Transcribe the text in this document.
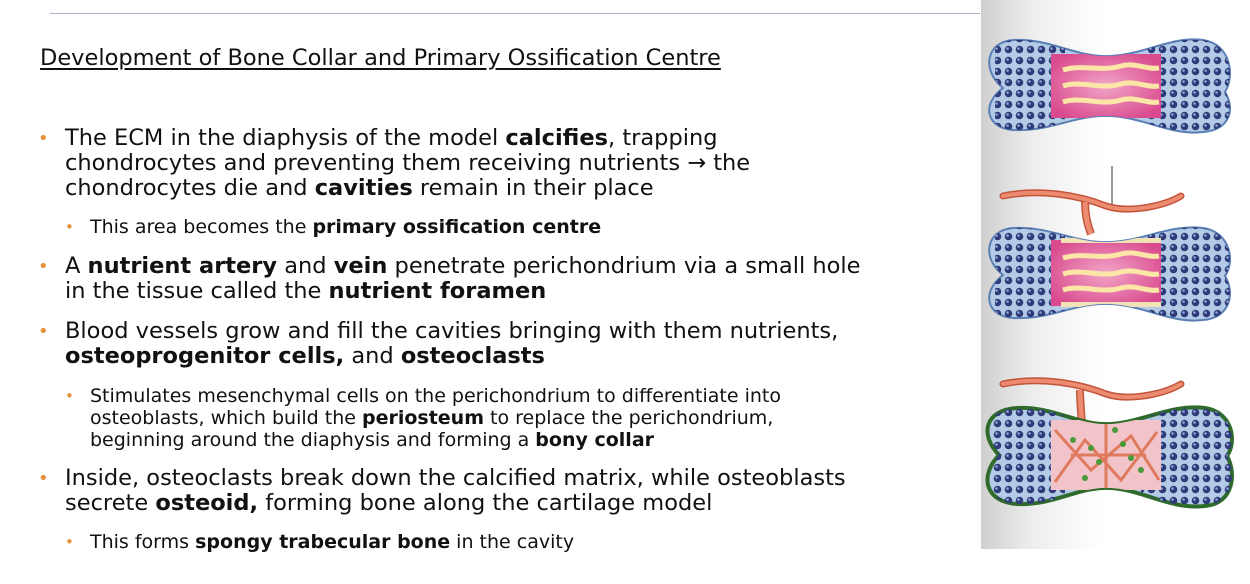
Development of Bone Collar and Primary Ossification Centre
• The ECM in the diaphysis of the model calcifies, trapping
chondrocytes and preventing them receiving nutrients → the
chondrocytes die and cavities remain in their place
• This area becomes the primary ossification centre
• A nutrient artery and vein penetrate perichondrium via a small hole
in the tissue called the nutrient foramen
• Blood vessels grow and fill the cavities bringing with them nutrients,
osteoprogenitor cells, and osteoclasts
• Stimulates mesenchymal cells on the perichondrium to differentiate into
osteoblasts, which build the periosteum to replace the perichondrium,
beginning around the diaphysis and forming a bony collar
• Inside, osteoclasts break down the calcified matrix, while osteoblasts
secrete osteoid, forming bone along the cartilage model
• This forms spongy trabecular bone in the cavity
